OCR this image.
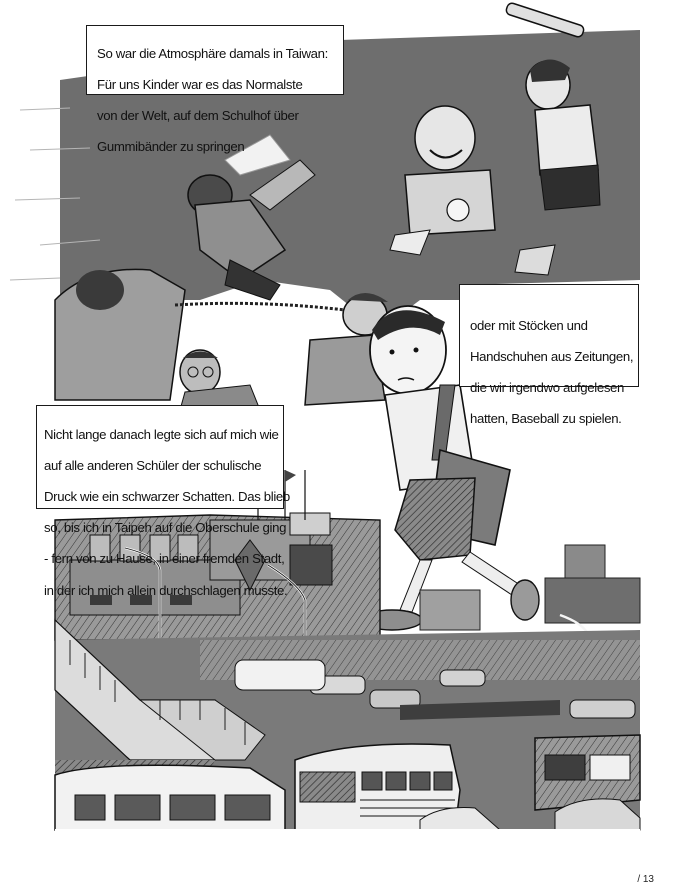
So war die Atmosphäre damals in Taiwan:

Für uns Kinder war es das Normalste

von der Welt, auf dem Schulhof über

Gummibänder zu springen

oder mit Stöcken und

Handschuhen aus Zeitungen,

die wir irgendwo aufgelesen

hatten, Baseball zu spielen.

Nicht lange danach legte sich auf mich wie

auf alle anderen Schüler der schulische

Druck wie ein schwarzer Schatten. Das blieb

so, bis ich in Taipeh auf die Oberschule ging

- fern von zu Hause, in einer fremden Stadt,

in der ich mich allein durchschlagen musste.

/ 13
